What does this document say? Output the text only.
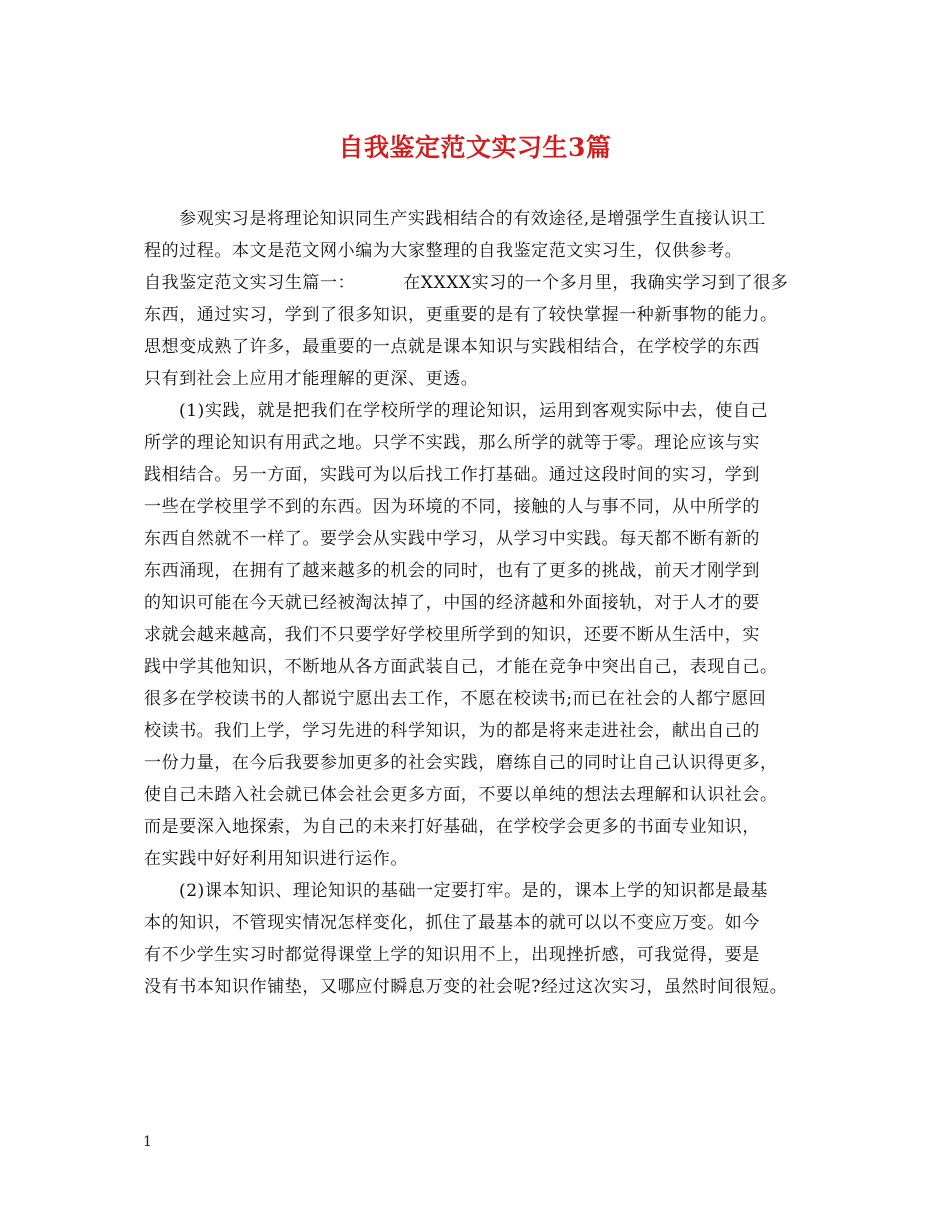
自我鉴定范文实习生3篇
参观实习是将理论知识同生产实践相结合的有效途径,是增强学生直接认识工
程的过程。本文是范文网小编为大家整理的自我鉴定范文实习生，仅供参考。
自我鉴定范文实习生篇一：	在XXXX实习的一个多月里，我确实学习到了很多
东西，通过实习，学到了很多知识，更重要的是有了较快掌握一种新事物的能力。
思想变成熟了许多，最重要的一点就是课本知识与实践相结合，在学校学的东西
只有到社会上应用才能理解的更深、更透。
(1)实践，就是把我们在学校所学的理论知识，运用到客观实际中去，使自己
所学的理论知识有用武之地。只学不实践，那么所学的就等于零。理论应该与实
践相结合。另一方面，实践可为以后找工作打基础。通过这段时间的实习，学到
一些在学校里学不到的东西。因为环境的不同，接触的人与事不同，从中所学的
东西自然就不一样了。要学会从实践中学习，从学习中实践。每天都不断有新的
东西涌现，在拥有了越来越多的机会的同时，也有了更多的挑战，前天才刚学到
的知识可能在今天就已经被淘汰掉了，中国的经济越和外面接轨，对于人才的要
求就会越来越高，我们不只要学好学校里所学到的知识，还要不断从生活中，实
践中学其他知识，不断地从各方面武装自己，才能在竞争中突出自己，表现自己。
很多在学校读书的人都说宁愿出去工作，不愿在校读书;而已在社会的人都宁愿回
校读书。我们上学，学习先进的科学知识，为的都是将来走进社会，献出自己的
一份力量，在今后我要参加更多的社会实践，磨练自己的同时让自己认识得更多，
使自己未踏入社会就已体会社会更多方面，不要以单纯的想法去理解和认识社会。
而是要深入地探索，为自己的未来打好基础，在学校学会更多的书面专业知识，
在实践中好好利用知识进行运作。
(2)课本知识、理论知识的基础一定要打牢。是的，课本上学的知识都是最基
本的知识，不管现实情况怎样变化，抓住了最基本的就可以以不变应万变。如今
有不少学生实习时都觉得课堂上学的知识用不上，出现挫折感，可我觉得，要是
没有书本知识作铺垫，又哪应付瞬息万变的社会呢?经过这次实习，虽然时间很短。
1
